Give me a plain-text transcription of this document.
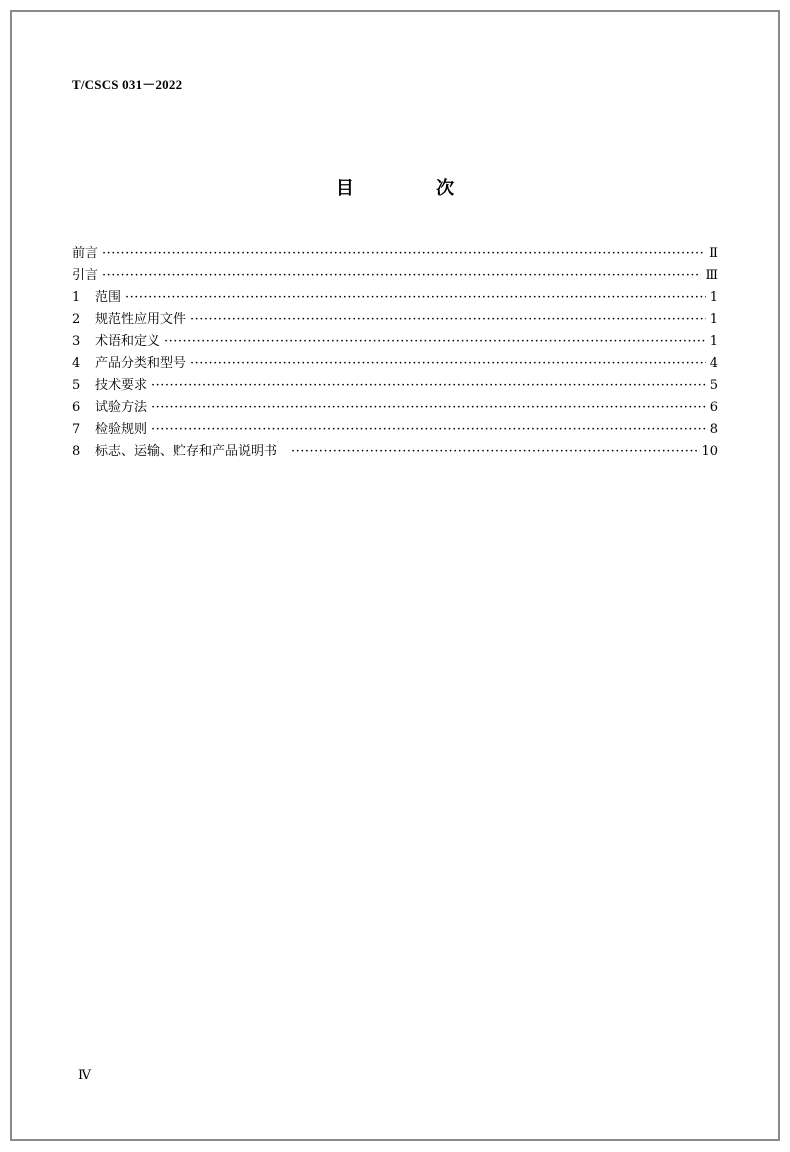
T/CSCS 031－2022
目 次
前言 ·····	Ⅱ
引言 ·····	Ⅲ
1	范围 ·····	1
2	规范性应用文件 ·····	1
3	术语和定义 ·····	1
4	产品分类和型号 ·····	4
5	技术要求 ·····	5
6	试验方法 ·····	6
7	检验规则 ·····	8
8	标志、运输、贮存和产品说明书 ·····	10
Ⅳ
